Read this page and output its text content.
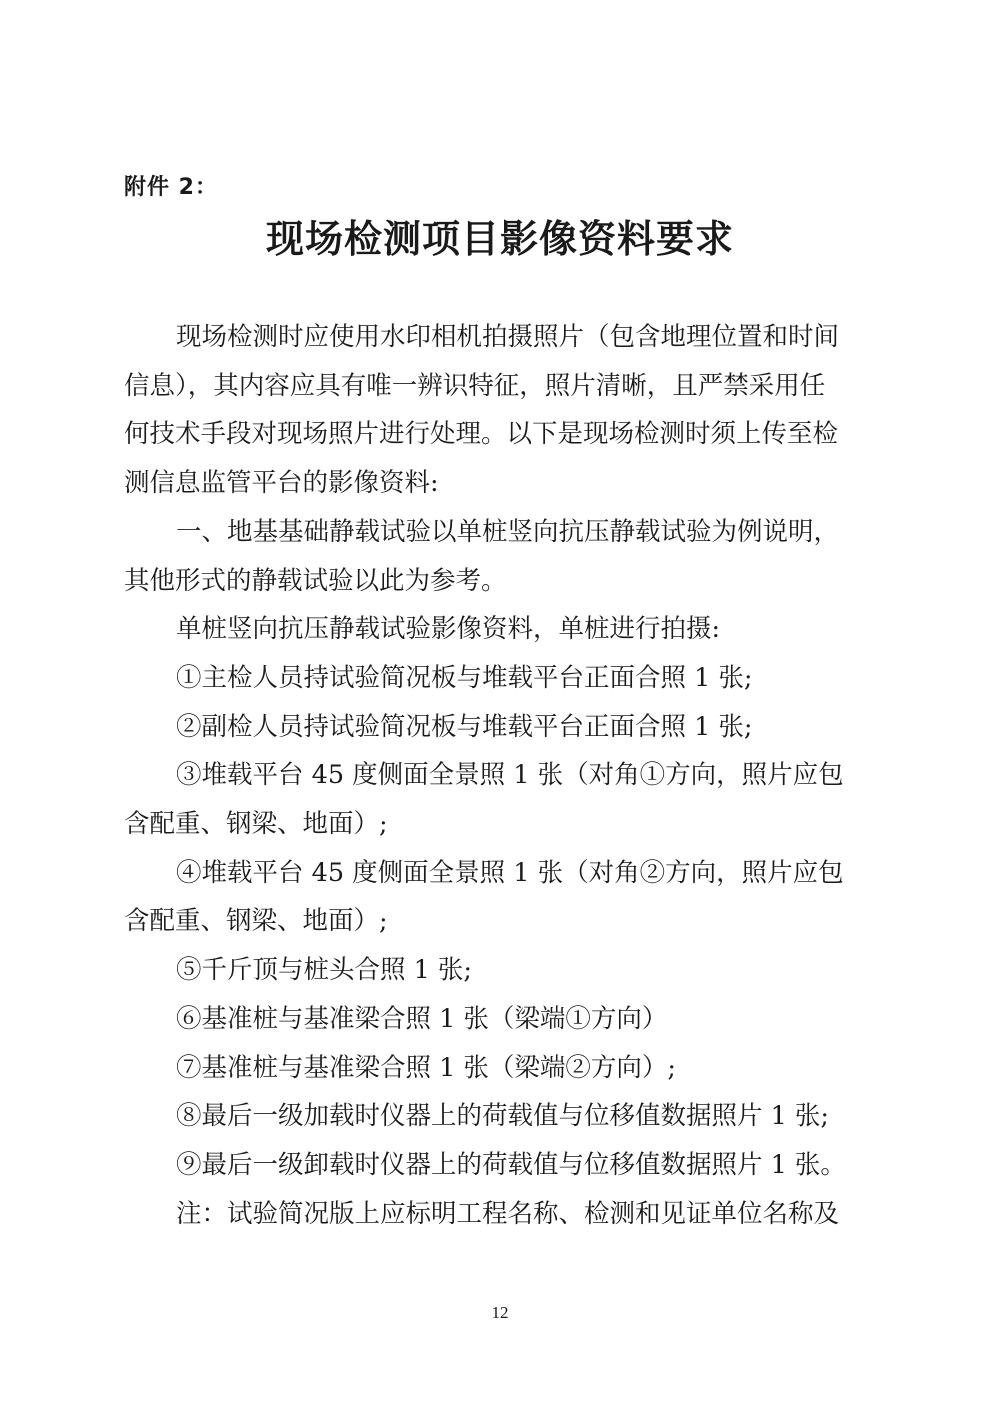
附件 2：
现场检测项目影像资料要求

现场检测时应使用水印相机拍摄照片（包含地理位置和时间
信息），其内容应具有唯一辨识特征，照片清晰，且严禁采用任
何技术手段对现场照片进行处理。以下是现场检测时须上传至检
测信息监管平台的影像资料:

一、地基基础静载试验以单桩竖向抗压静载试验为例说明，
其他形式的静载试验以此为参考。

单桩竖向抗压静载试验影像资料，单桩进行拍摄:

①主检人员持试验简况板与堆载平台正面合照 1 张;

②副检人员持试验简况板与堆载平台正面合照 1 张;

③堆载平台 45 度侧面全景照 1 张（对角①方向，照片应包
含配重、钢梁、地面）;

④堆载平台 45 度侧面全景照 1 张（对角②方向，照片应包
含配重、钢梁、地面）;

⑤千斤顶与桩头合照 1 张;

⑥基准桩与基准梁合照 1 张（梁端①方向）

⑦基准桩与基准梁合照 1 张（梁端②方向）;

⑧最后一级加载时仪器上的荷载值与位移值数据照片 1 张;

⑨最后一级卸载时仪器上的荷载值与位移值数据照片 1 张。

注：试验简况版上应标明工程名称、检测和见证单位名称及

12
